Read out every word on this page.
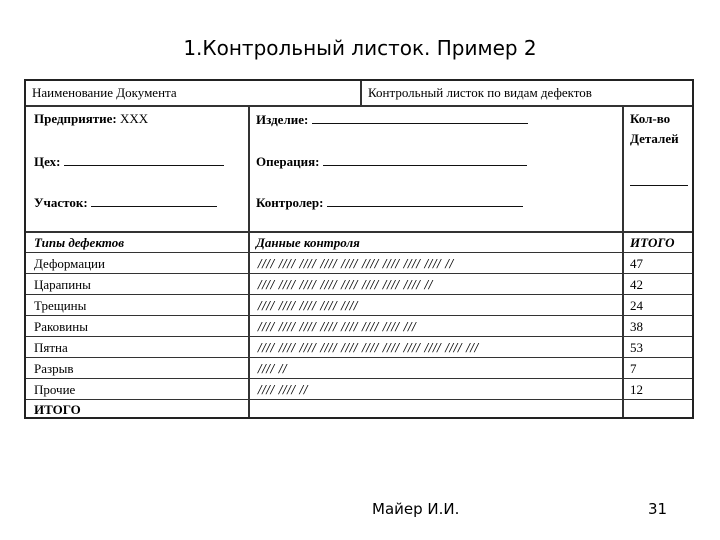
1.Контрольный листок. Пример 2
Наименование Документа	Контрольный листок по видам дефектов
Предприятие: XXX
Цех:
Участок:
Изделие:
Операция:
Контролер:
Кол-во
Деталей
Типы дефектов	Данные контроля	ИТОГО
Деформации	//// //// //// //// //// //// //// //// //// //	47
Царапины	//// //// //// //// //// //// //// //// //	42
Трещины	//// //// //// //// ////	24
Раковины	//// //// //// //// //// //// //// ///	38
Пятна	//// //// //// //// //// //// //// //// //// //// ///	53
Разрыв	//// //	7
Прочие	//// //// //	12
ИТОГО
Майер И.И.	31
